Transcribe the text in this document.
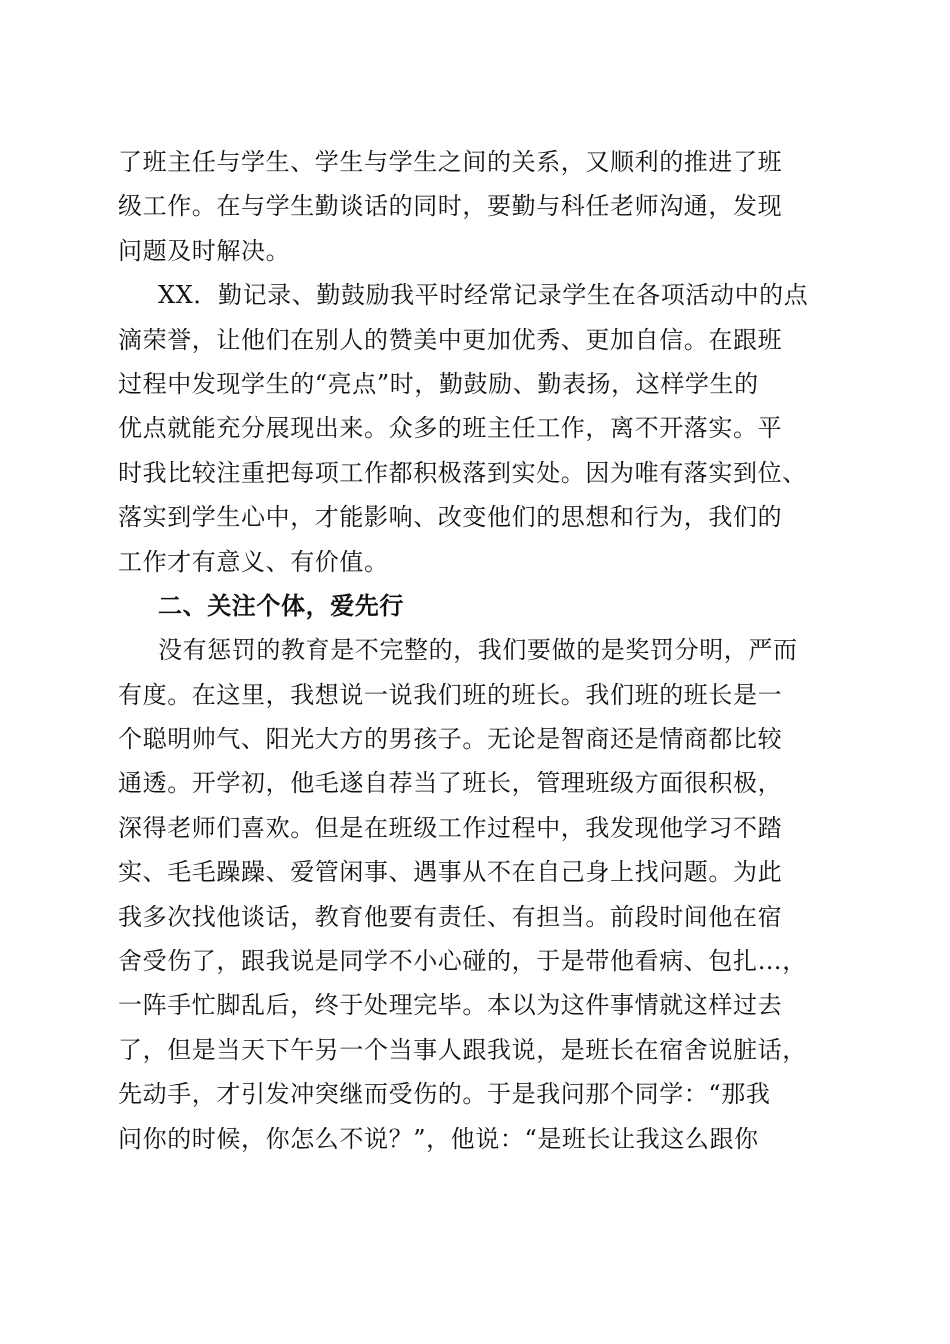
了班主任与学生、学生与学生之间的关系，又顺利的推进了班
级工作。在与学生勤谈话的同时，要勤与科任老师沟通，发现
问题及时解决。
XX．勤记录、勤鼓励我平时经常记录学生在各项活动中的点
滴荣誉，让他们在别人的赞美中更加优秀、更加自信。在跟班
过程中发现学生的“亮点”时，勤鼓励、勤表扬，这样学生的
优点就能充分展现出来。众多的班主任工作，离不开落实。平
时我比较注重把每项工作都积极落到实处。因为唯有落实到位、
落实到学生心中，才能影响、改变他们的思想和行为，我们的
工作才有意义、有价值。
二、关注个体，爱先行
没有惩罚的教育是不完整的，我们要做的是奖罚分明，严而
有度。在这里，我想说一说我们班的班长。我们班的班长是一
个聪明帅气、阳光大方的男孩子。无论是智商还是情商都比较
通透。开学初，他毛遂自荐当了班长，管理班级方面很积极，
深得老师们喜欢。但是在班级工作过程中，我发现他学习不踏
实、毛毛躁躁、爱管闲事、遇事从不在自己身上找问题。为此
我多次找他谈话，教育他要有责任、有担当。前段时间他在宿
舍受伤了，跟我说是同学不小心碰的，于是带他看病、包扎…，
一阵手忙脚乱后，终于处理完毕。本以为这件事情就这样过去
了，但是当天下午另一个当事人跟我说，是班长在宿舍说脏话，
先动手，才引发冲突继而受伤的。于是我问那个同学：“那我
问你的时候，你怎么不说？”，他说：“是班长让我这么跟你
